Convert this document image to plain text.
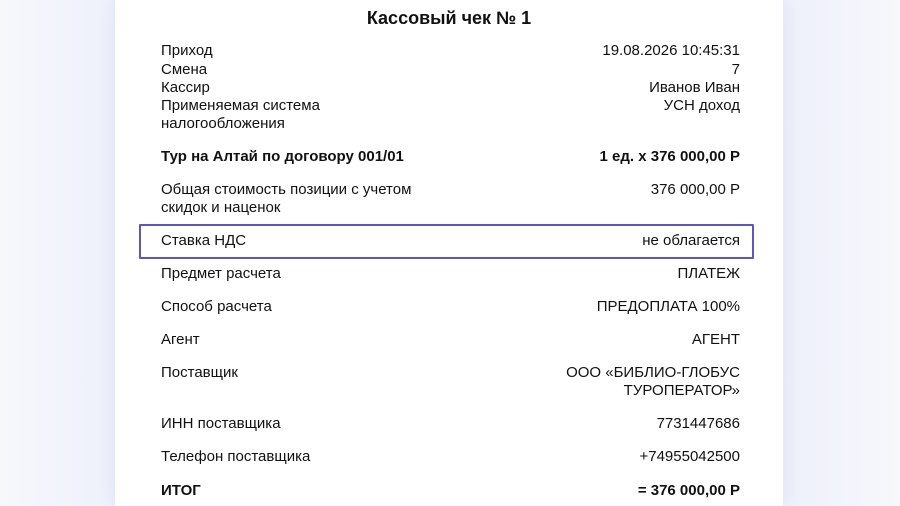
Кассовый чек № 1
Приход	19.08.2026 10:45:31
Смена	7
Кассир	Иванов Иван
Применяемая система	УСН доход
налогообложения
Тур на Алтай по договору 001/01	1 ед. х 376 000,00 Р
Общая стоимость позиции с учетом	376 000,00 Р
скидок и наценок
Ставка НДС	не облагается
Предмет расчета	ПЛАТЕЖ
Способ расчета	ПРЕДОПЛАТА 100%
Агент	АГЕНТ
Поставщик	ООО «БИБЛИО-ГЛОБУС
ТУРОПЕРАТОР»
ИНН поставщика	7731447686
Телефон поставщика	+74955042500
ИТОГ	= 376 000,00 Р
